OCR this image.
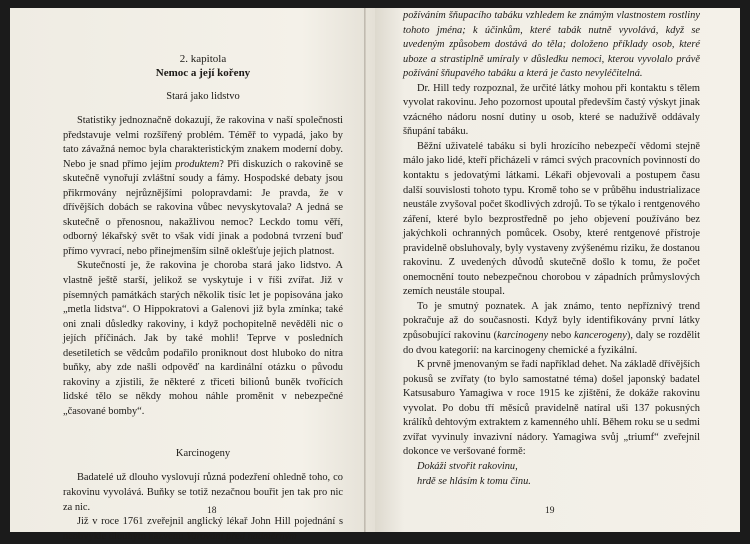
2. kapitola
Nemoc a její kořeny
Stará jako lidstvo

Statistiky jednoznačně dokazují, že rakovina v naší společnosti představuje velmi rozšířený problém. Téměř to vypadá, jako by tato závažná nemoc byla charakteristickým znakem moderní doby. Nebo je snad přímo jejím produktem? Při diskuzích o rakovině se skutečně vynořují zvláštní soudy a fámy. Hospodské debaty jsou přikrmovány nejrůznějšími polopravdami: Je pravda, že v dřívějších dobách se rakovina vůbec nevyskytovala? A jedná se skutečně o přenosnou, nakažlivou nemoc? Leckdo tomu věří, odborný lékařský svět to však vidí jinak a podobná tvrzení buď přímo vyvrací, nebo přinejmenším silně oklešťuje jejich platnost.

Skutečností je, že rakovina je choroba stará jako lidstvo. A vlastně ještě starší, jelikož se vyskytuje i v říši zvířat. Již v písemných památkách starých několik tisíc let je popisována jako „metla lidstva“. O Hippokratovi a Galenovi již byla zmínka; také oni znali důsledky rakoviny, i když pochopitelně nevěděli nic o jejích příčinách. Jak by také mohli! Teprve v posledních desetiletích se vědcům podařilo proniknout dost hluboko do nitra buňky, aby zde našli odpověď na kardinální otázku o původu rakoviny a zjistili, že některé z třiceti bilionů buněk tvořících lidské tělo se někdy mohou náhle proměnit v nebezpečné „časované bomby“.

Karcinogeny

Badatelé už dlouho vyslovují různá podezření ohledně toho, co rakovinu vyvolává. Buňky se totiž nezačnou bouřit jen tak pro nic za nic.

Již v roce 1761 zveřejnil anglický lékař John Hill pojednání s neobvykle dlouhým názvem: Varování před nadměrným

18

požíváním šňupacího tabáku vzhledem ke známým vlastnostem rostliny tohoto jména; k účinkům, které tabák nutně vyvolává, když se uvedeným způsobem dostává do těla; doloženo příklady osob, které uboze a strastiplně umíraly v důsledku nemoci, kterou vyvolalo právě požívání šňupavého tabáku a která je často nevyléčitelná.

Dr. Hill tedy rozpoznal, že určité látky mohou při kontaktu s tělem vyvolat rakovinu. Jeho pozornost upoutal především častý výskyt jinak vzácného nádoru nosní dutiny u osob, které se nadužívě oddávaly šňupání tabáku.

Běžní uživatelé tabáku si byli hrozícího nebezpečí vědomi stejně málo jako lidé, kteří přicházeli v rámci svých pracovních povinností do kontaktu s jedovatými látkami. Lékaři objevovali a postupem času další souvislosti tohoto typu. Kromě toho se v průběhu industrializace neustále zvyšoval počet škodlivých zdrojů. To se týkalo i rentgenového záření, které bylo bezprostředně po jeho objevení používáno bez jakýchkoli ochranných pomůcek. Osoby, které rentgenové přístroje pravidelně obsluhovaly, byly vystaveny zvýšenému riziku, že dostanou rakovinu. Z uvedených důvodů skutečně došlo k tomu, že počet onemocnění touto nebezpečnou chorobou v západních průmyslových zemích neustále stoupal.

To je smutný poznatek. A jak známo, tento nepříznivý trend pokračuje až do současnosti. Když byly identifikovány první látky způsobující rakovinu (karcinogeny nebo kancerogeny), daly se rozdělit do dvou kategorií: na karcinogeny chemické a fyzikální.

K prvně jmenovaným se řadí například dehet. Na základě dřívějších pokusů se zvířaty (to bylo samostatné téma) došel japonský badatel Katsusaburo Yamagiwa v roce 1915 ke zjištění, že dokáže rakovinu vyvolat. Po dobu tří měsíců pravidelně natíral uši 137 pokusných králíků dehtovým extraktem z kamenného uhlí. Během roku se u sedmi zvířat vyvinuly invazivní nádory. Yamagiwa svůj „triumf“ zveřejnil dokonce ve veršované formě:

Dokáži stvořit rakovinu,
hrdě se hlásím k tomu činu.
19
